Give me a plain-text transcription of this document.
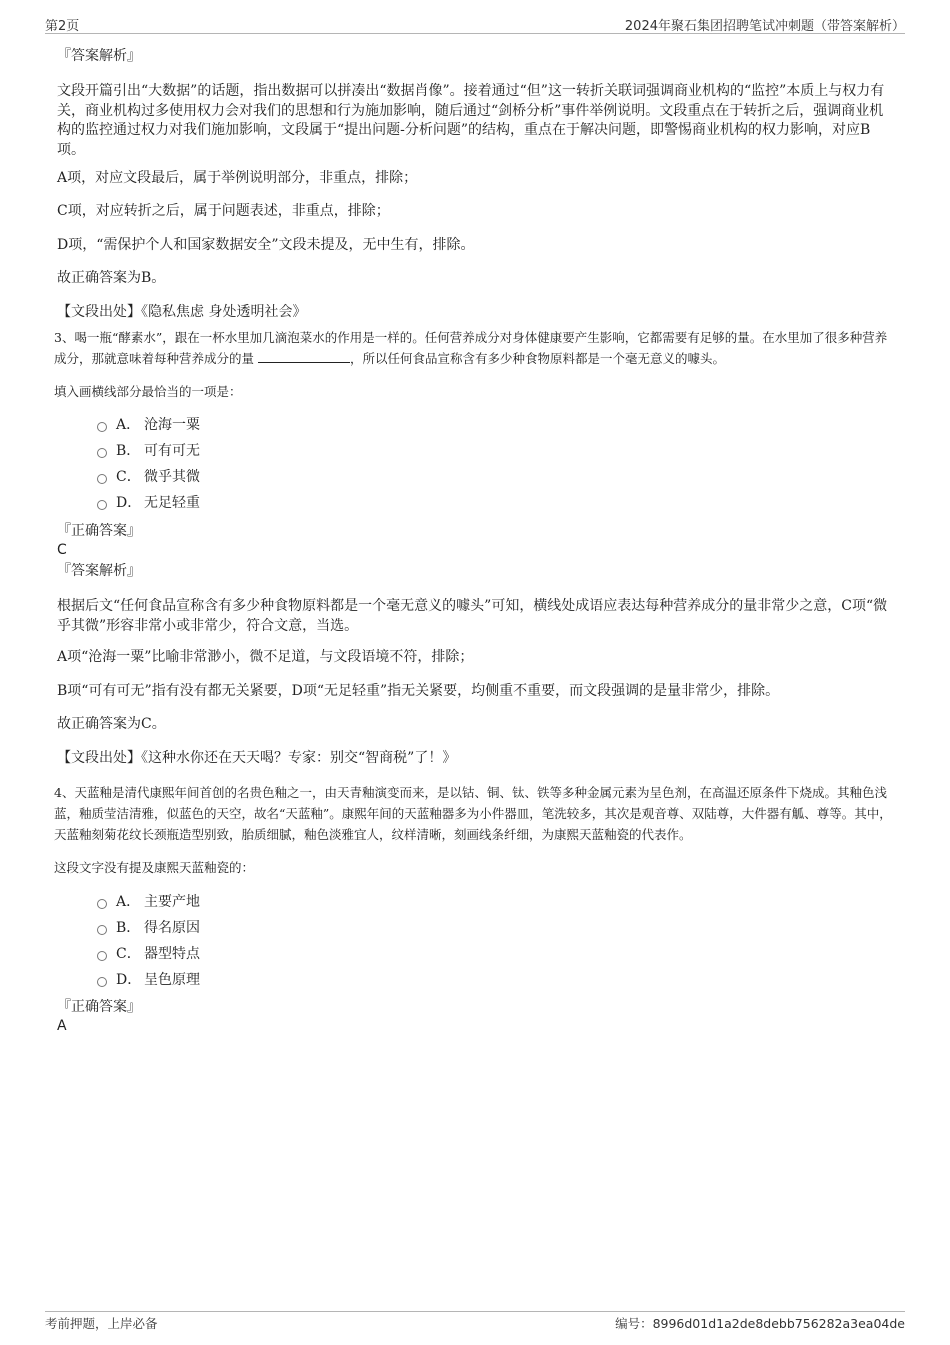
第2页	2024年聚石集团招聘笔试冲刺题（带答案解析）
『答案解析』

文段开篇引出“大数据”的话题，指出数据可以拼凑出“数据肖像”。接着通过“但”这一转折关联词强调商业机构的“监控”本质上与权力有关，商业机构过多使用权力会对我们的思想和行为施加影响，随后通过“剑桥分析”事件举例说明。文段重点在于转折之后，强调商业机构的监控通过权力对我们施加影响，文段属于“提出问题-分析问题”的结构，重点在于解决问题，即警惕商业机构的权力影响，对应B项。

A项，对应文段最后，属于举例说明部分，非重点，排除；

C项，对应转折之后，属于问题表述，非重点，排除；

D项，“需保护个人和国家数据安全”文段未提及，无中生有，排除。

故正确答案为B。

【文段出处】《隐私焦虑 身处透明社会》

3、喝一瓶“酵素水”，跟在一杯水里加几滴泡菜水的作用是一样的。任何营养成分对身体健康要产生影响，它都需要有足够的量。在水里加了很多种营养成分，那就意味着每种营养成分的量	，所以任何食品宣称含有多少种食物原料都是一个毫无意义的噱头。

填入画横线部分最恰当的一项是：

A． 沧海一粟
B． 可有可无
C． 微乎其微
D． 无足轻重
『正确答案』
C
『答案解析』

根据后文“任何食品宣称含有多少种食物原料都是一个毫无意义的噱头”可知，横线处成语应表达每种营养成分的量非常少之意，C项“微乎其微”形容非常小或非常少，符合文意，当选。

A项“沧海一粟”比喻非常渺小，微不足道，与文段语境不符，排除；

B项“可有可无”指有没有都无关紧要，D项“无足轻重”指无关紧要，均侧重不重要，而文段强调的是量非常少，排除。

故正确答案为C。

【文段出处】《这种水你还在天天喝？专家：别交“智商税”了！》

4、天蓝釉是清代康熙年间首创的名贵色釉之一，由天青釉演变而来，是以钴、铜、钛、铁等多种金属元素为呈色剂，在高温还原条件下烧成。其釉色浅蓝，釉质莹洁清雅，似蓝色的天空，故名“天蓝釉”。康熙年间的天蓝釉器多为小件器皿，笔洗较多，其次是观音尊、双陆尊，大件器有觚、尊等。其中，天蓝釉刻菊花纹长颈瓶造型别致，胎质细腻，釉色淡雅宜人，纹样清晰，刻画线条纤细，为康熙天蓝釉瓷的代表作。

这段文字没有提及康熙天蓝釉瓷的：

A． 主要产地
B． 得名原因
C． 器型特点
D． 呈色原理
『正确答案』
A
考前押题，上岸必备	编号：8996d01d1a2de8debb756282a3ea04de
